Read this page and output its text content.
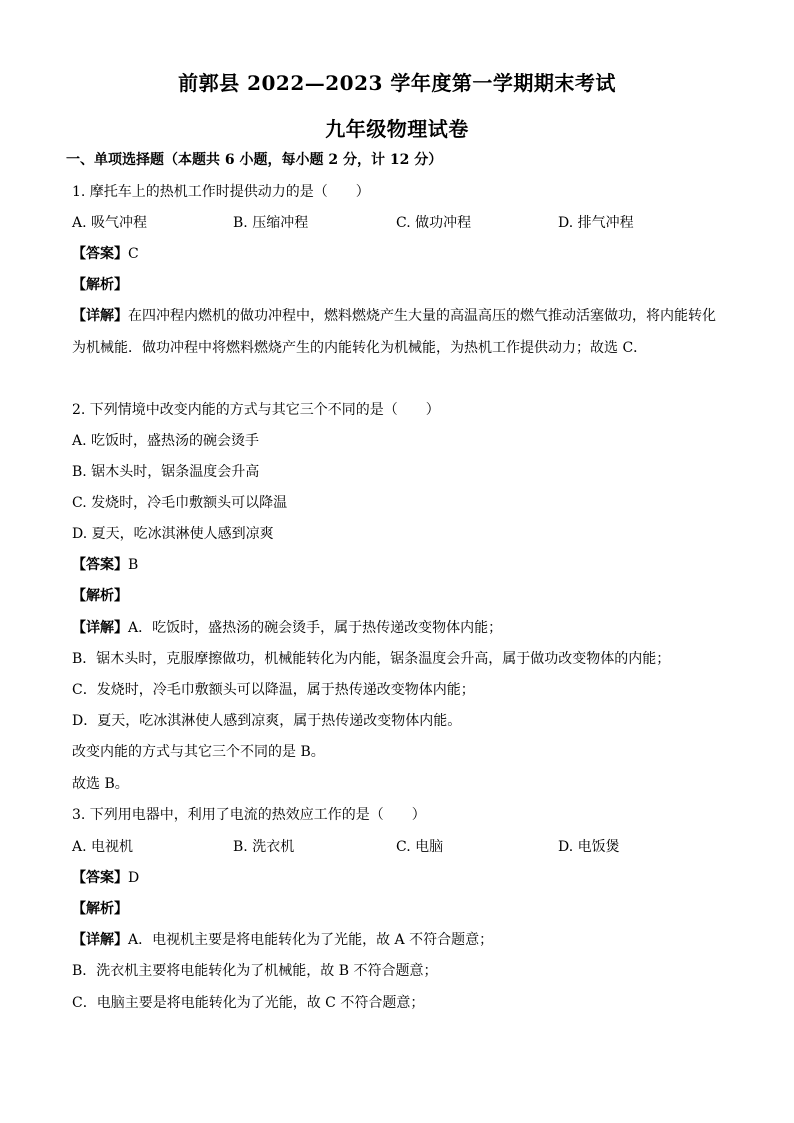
前郭县 2022—2023 学年度第一学期期末考试
九年级物理试卷
一、单项选择题（本题共 6 小题，每小题 2 分，计 12 分）
1. 摩托车上的热机工作时提供动力的是（　　）
A. 吸气冲程	B. 压缩冲程	C. 做功冲程	D. 排气冲程
【答案】C
【解析】
【详解】在四冲程内燃机的做功冲程中，燃料燃烧产生大量的高温高压的燃气推动活塞做功，将内能转化
为机械能．做功冲程中将燃料燃烧产生的内能转化为机械能，为热机工作提供动力；故选 C．
2. 下列情境中改变内能的方式与其它三个不同的是（　　）
A. 吃饭时，盛热汤的碗会烫手
B. 锯木头时，锯条温度会升高
C. 发烧时，冷毛巾敷额头可以降温
D. 夏天，吃冰淇淋使人感到凉爽
【答案】B
【解析】
【详解】A．吃饭时，盛热汤的碗会烫手，属于热传递改变物体内能；
B．锯木头时，克服摩擦做功，机械能转化为内能，锯条温度会升高，属于做功改变物体的内能；
C．发烧时，冷毛巾敷额头可以降温，属于热传递改变物体内能；
D．夏天，吃冰淇淋使人感到凉爽，属于热传递改变物体内能。
改变内能的方式与其它三个不同的是 B。
故选 B。
3. 下列用电器中，利用了电流的热效应工作的是（　　）
A. 电视机	B. 洗衣机	C. 电脑	D. 电饭煲
【答案】D
【解析】
【详解】A．电视机主要是将电能转化为了光能，故 A 不符合题意；
B．洗衣机主要将电能转化为了机械能，故 B 不符合题意；
C．电脑主要是将电能转化为了光能，故 C 不符合题意；
